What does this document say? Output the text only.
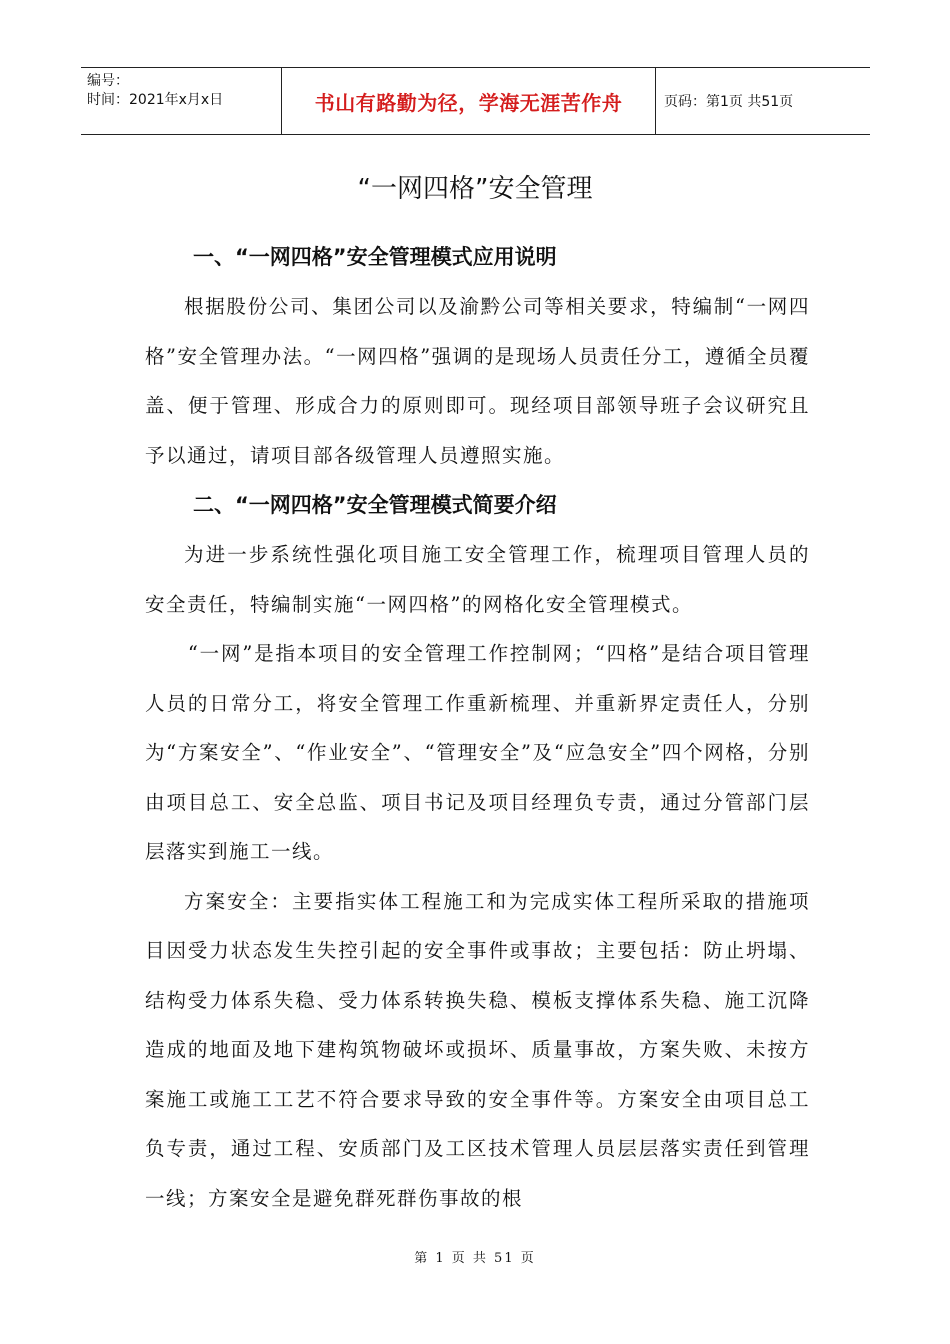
编号：
时间：2021年x月x日	书山有路勤为径，学海无涯苦作舟	页码：第1页 共51页
“一网四格”安全管理
一、“一网四格”安全管理模式应用说明

根据股份公司、集团公司以及渝黔公司等相关要求，特编制“一网四格”安全管理办法。“一网四格”强调的是现场人员责任分工，遵循全员覆盖、便于管理、形成合力的原则即可。现经项目部领导班子会议研究且予以通过，请项目部各级管理人员遵照实施。

二、“一网四格”安全管理模式简要介绍

为进一步系统性强化项目施工安全管理工作，梳理项目管理人员的安全责任，特编制实施“一网四格”的网格化安全管理模式。

“一网”是指本项目的安全管理工作控制网；“四格”是结合项目管理人员的日常分工，将安全管理工作重新梳理、并重新界定责任人，分别为“方案安全”、“作业安全”、“管理安全”及“应急安全”四个网格，分别由项目总工、安全总监、项目书记及项目经理负专责，通过分管部门层层落实到施工一线。

方案安全：主要指实体工程施工和为完成实体工程所采取的措施项目因受力状态发生失控引起的安全事件或事故；主要包括：防止坍塌、结构受力体系失稳、受力体系转换失稳、模板支撑体系失稳、施工沉降造成的地面及地下建构筑物破坏或损坏、质量事故，方案失败、未按方案施工或施工工艺不符合要求导致的安全事件等。方案安全由项目总工负专责，通过工程、安质部门及工区技术管理人员层层落实责任到管理一线；方案安全是避免群死群伤事故的根

第 1 页 共 51 页
